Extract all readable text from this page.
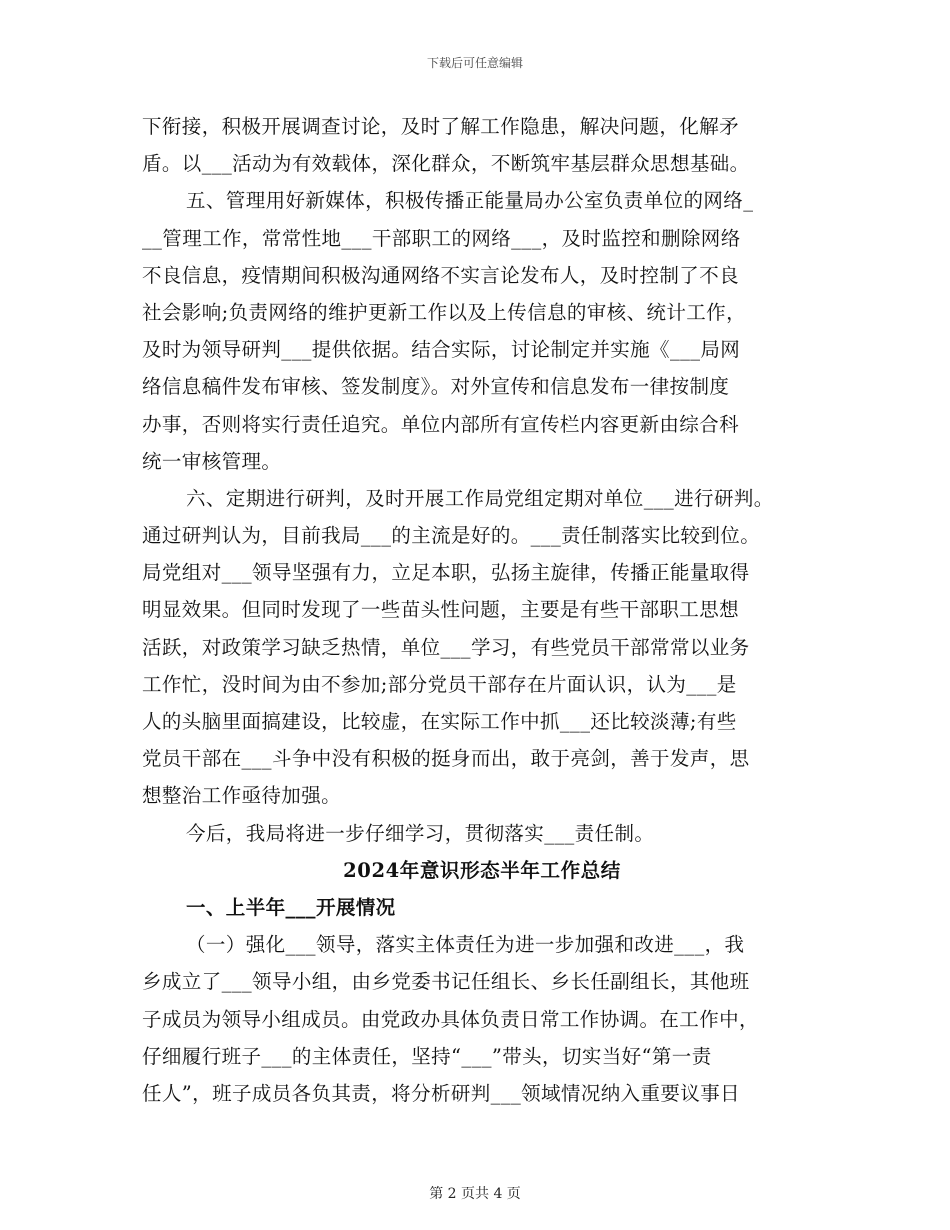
下载后可任意编辑
下衔接，积极开展调查讨论，及时了解工作隐患，解决问题，化解矛
盾。以___活动为有效载体，深化群众，不断筑牢基层群众思想基础。
五、管理用好新媒体，积极传播正能量局办公室负责单位的网络_
__管理工作，常常性地___干部职工的网络___，及时监控和删除网络
不良信息，疫情期间积极沟通网络不实言论发布人，及时控制了不良
社会影响;负责网络的维护更新工作以及上传信息的审核、统计工作，
及时为领导研判___提供依据。结合实际，讨论制定并实施《___局网
络信息稿件发布审核、签发制度》。对外宣传和信息发布一律按制度
办事，否则将实行责任追究。单位内部所有宣传栏内容更新由综合科
统一审核管理。
六、定期进行研判，及时开展工作局党组定期对单位___进行研判。
通过研判认为，目前我局___的主流是好的。___责任制落实比较到位。
局党组对___领导坚强有力，立足本职，弘扬主旋律，传播正能量取得
明显效果。但同时发现了一些苗头性问题，主要是有些干部职工思想
活跃，对政策学习缺乏热情，单位___学习，有些党员干部常常以业务
工作忙，没时间为由不参加;部分党员干部存在片面认识，认为___是
人的头脑里面搞建设，比较虚，在实际工作中抓___还比较淡薄;有些
党员干部在___斗争中没有积极的挺身而出，敢于亮剑，善于发声，思
想整治工作亟待加强。
今后，我局将进一步仔细学习，贯彻落实___责任制。
2024年意识形态半年工作总结
一、上半年___开展情况
（一）强化___领导，落实主体责任为进一步加强和改进___，我
乡成立了___领导小组，由乡党委书记任组长、乡长任副组长，其他班
子成员为领导小组成员。由党政办具体负责日常工作协调。在工作中，
仔细履行班子___的主体责任，坚持“___”带头，切实当好“第一责
任人”，班子成员各负其责，将分析研判___领域情况纳入重要议事日
第 2 页共 4 页
